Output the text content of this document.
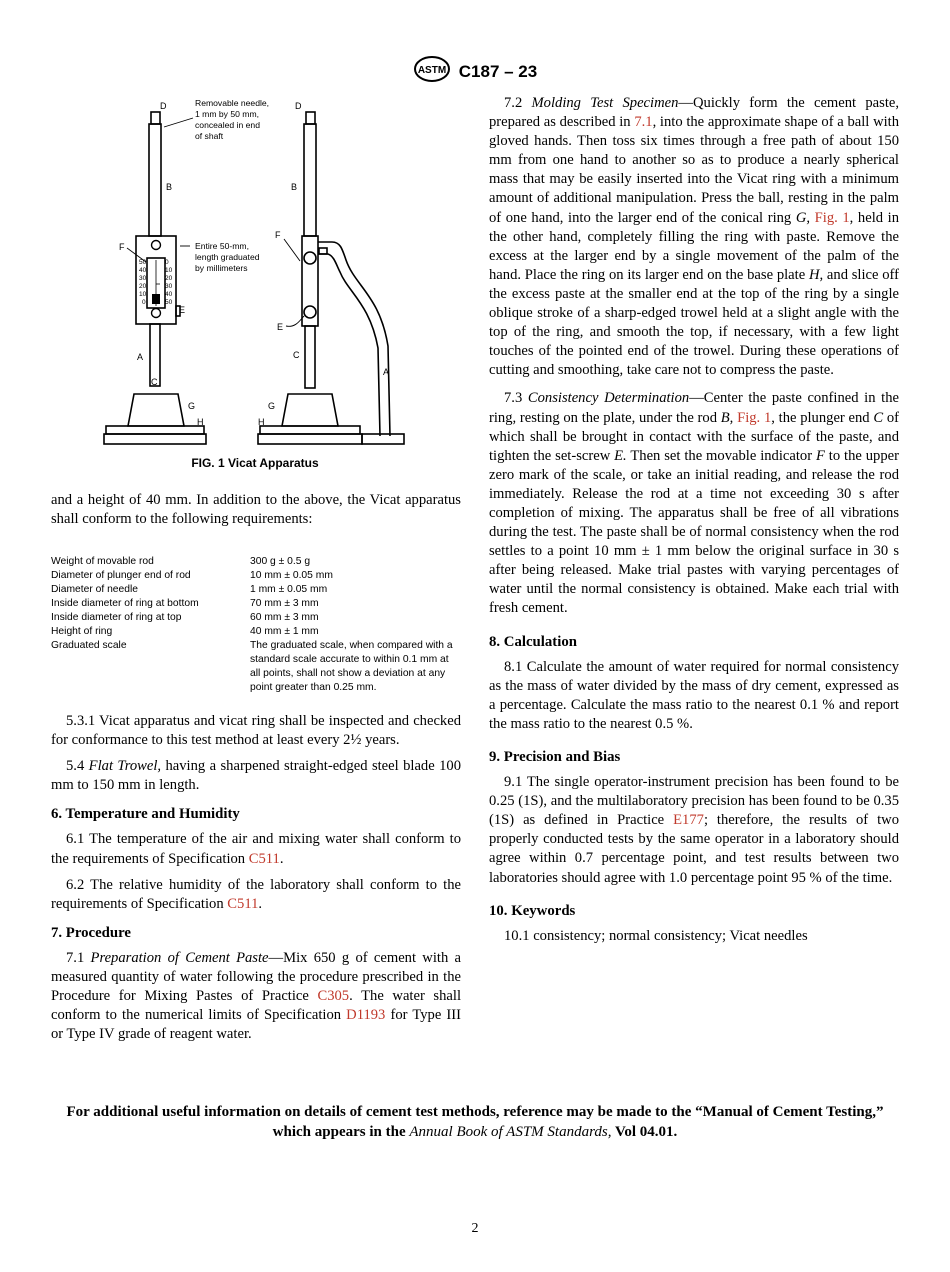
ASTM C187 – 23
50
40
30
20
10
0
0
10
20
30
40
50
D
B
F
E
A
C
G
H
D
B
F
E
C
A
G
H
Removable needle,
1 mm by 50 mm,
concealed in end
of shaft
Entire 50-mm,
length graduated
by millimeters
FIG. 1 Vicat Apparatus

and a height of 40 mm. In addition to the above, the Vicat apparatus shall conform to the following requirements:

Weight of movable rod	300 g ± 0.5 g
Diameter of plunger end of rod	10 mm ± 0.05 mm
Diameter of needle	1 mm ± 0.05 mm
Inside diameter of ring at bottom	70 mm ± 3 mm
Inside diameter of ring at top	60 mm ± 3 mm
Height of ring	40 mm ± 1 mm
Graduated scale	The graduated scale, when compared with a standard scale accurate to within 0.1 mm at all points, shall not show a deviation at any point greater than 0.25 mm.

5.3.1 Vicat apparatus and vicat ring shall be inspected and checked for conformance to this test method at least every 2½ years.

5.4 Flat Trowel, having a sharpened straight-edged steel blade 100 mm to 150 mm in length.

6. Temperature and Humidity

6.1 The temperature of the air and mixing water shall conform to the requirements of Specification C511.

6.2 The relative humidity of the laboratory shall conform to the requirements of Specification C511.

7. Procedure

7.1 Preparation of Cement Paste—Mix 650 g of cement with a measured quantity of water following the procedure prescribed in the Procedure for Mixing Pastes of Practice C305. The water shall conform to the numerical limits of Specification D1193 for Type III or Type IV grade of reagent water.

7.2 Molding Test Specimen—Quickly form the cement paste, prepared as described in 7.1, into the approximate shape of a ball with gloved hands. Then toss six times through a free path of about 150 mm from one hand to another so as to produce a nearly spherical mass that may be easily inserted into the Vicat ring with a minimum amount of additional manipulation. Press the ball, resting in the palm of one hand, into the larger end of the conical ring G, Fig. 1, held in the other hand, completely filling the ring with paste. Remove the excess at the larger end by a single movement of the palm of the hand. Place the ring on its larger end on the base plate H, and slice off the excess paste at the smaller end at the top of the ring by a single oblique stroke of a sharp-edged trowel held at a slight angle with the top of the ring, and smooth the top, if necessary, with a few light touches of the pointed end of the trowel. During these operations of cutting and smoothing, take care not to compress the paste.

7.3 Consistency Determination—Center the paste confined in the ring, resting on the plate, under the rod B, Fig. 1, the plunger end C of which shall be brought in contact with the surface of the paste, and tighten the set-screw E. Then set the movable indicator F to the upper zero mark of the scale, or take an initial reading, and release the rod immediately. Release the rod at a time not exceeding 30 s after completion of mixing. The apparatus shall be free of all vibrations during the test. The paste shall be of normal consistency when the rod settles to a point 10 mm ± 1 mm below the original surface in 30 s after being released. Make trial pastes with varying percentages of water until the normal consistency is obtained. Make each trial with fresh cement.

8. Calculation

8.1 Calculate the amount of water required for normal consistency as the mass of water divided by the mass of dry cement, expressed as a percentage. Calculate the mass ratio to the nearest 0.1 % and report the mass ratio to the nearest 0.5 %.

9. Precision and Bias

9.1 The single operator-instrument precision has been found to be 0.25 (1S), and the multilaboratory precision has been found to be 0.35 (1S) as defined in Practice E177; therefore, the results of two properly conducted tests by the same operator in a laboratory should agree within 0.7 percentage point, and test results between two laboratories should agree with 1.0 percentage point 95 % of the time.

10. Keywords

10.1 consistency; normal consistency; Vicat needles

For additional useful information on details of cement test methods, reference may be made to the “Manual of Cement Testing,” which appears in the Annual Book of ASTM Standards, Vol 04.01.
2
